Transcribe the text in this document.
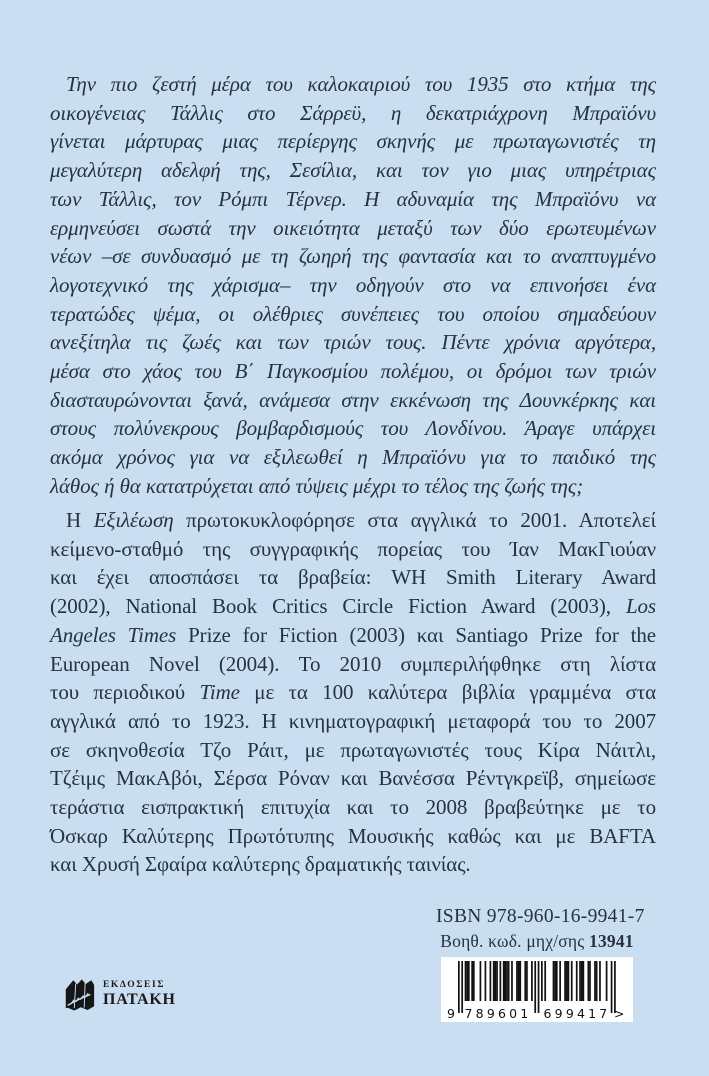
Την πιο ζεστή μέρα του καλοκαιριού του 1935 στο κτήμα της
οικογένειας Τάλλις στο Σάρρεϋ, η δεκατριάχρονη Μπραϊόνυ
γίνεται μάρτυρας μιας περίεργης σκηνής με πρωταγωνιστές τη
μεγαλύτερη αδελφή της, Σεσίλια, και τον γιο μιας υπηρέτριας
των Τάλλις, τον Ρόμπι Τέρνερ. Η αδυναμία της Μπραϊόνυ να
ερμηνεύσει σωστά την οικειότητα μεταξύ των δύο ερωτευμένων
νέων –σε συνδυασμό με τη ζωηρή της φαντασία και το αναπτυγμένο
λογοτεχνικό της χάρισμα– την οδηγούν στο να επινοήσει ένα
τερατώδες ψέμα, οι ολέθριες συνέπειες του οποίου σημαδεύουν
ανεξίτηλα τις ζωές και των τριών τους. Πέντε χρόνια αργότερα,
μέσα στο χάος του Β΄ Παγκοσμίου πολέμου, οι δρόμοι των τριών
διασταυρώνονται ξανά, ανάμεσα στην εκκένωση της Δουνκέρκης και
στους πολύνεκρους βομβαρδισμούς του Λονδίνου. Άραγε υπάρχει
ακόμα χρόνος για να εξιλεωθεί η Μπραϊόνυ για το παιδικό της
λάθος ή θα κατατρύχεται από τύψεις μέχρι το τέλος της ζωής της;
Η Εξιλέωση πρωτοκυκλοφόρησε στα αγγλικά το 2001. Αποτελεί
κείμενο-σταθμό της συγγραφικής πορείας του Ίαν ΜακΓιούαν
και έχει αποσπάσει τα βραβεία: WH Smith Literary Award
(2002), National Book Critics Circle Fiction Award (2003), Los
Angeles Times Prize for Fiction (2003) και Santiago Prize for the
European Novel (2004). Το 2010 συμπεριλήφθηκε στη λίστα
του περιοδικού Time με τα 100 καλύτερα βιβλία γραμμένα στα
αγγλικά από το 1923. Η κινηματογραφική μεταφορά του το 2007
σε σκηνοθεσία Τζο Ράιτ, με πρωταγωνιστές τους Κίρα Νάιτλι,
Τζέιμς ΜακΑβόι, Σέρσα Ρόναν και Βανέσσα Ρέντγκρεϊβ, σημείωσε
τεράστια εισπρακτική επιτυχία και το 2008 βραβεύτηκε με το
Όσκαρ Καλύτερης Πρωτότυπης Μουσικής καθώς και με BAFTA
και Χρυσή Σφαίρα καλύτερης δραματικής ταινίας.
ISBN 978-960-16-9941-7
Βοηθ. κωδ. μηχ/σης 13941
9 789601 699417 >
ΕΚΔΟΣΕΙΣ
ΠΑΤΑΚΗ
